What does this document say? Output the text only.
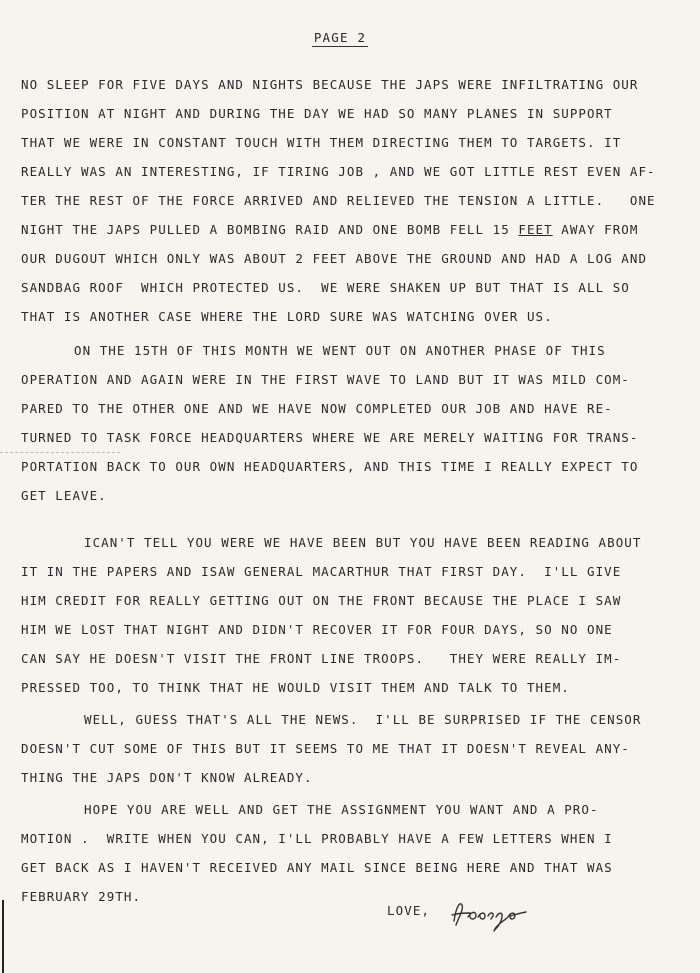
PAGE 2
NO SLEEP FOR FIVE DAYS AND NIGHTS BECAUSE THE JAPS WERE INFILTRATING OUR
POSITION AT NIGHT AND DURING THE DAY WE HAD SO MANY PLANES IN SUPPORT
THAT WE WERE IN CONSTANT TOUCH WITH THEM DIRECTING THEM TO TARGETS. IT
REALLY WAS AN INTERESTING, IF TIRING JOB , AND WE GOT LITTLE REST EVEN AF-
TER THE REST OF THE FORCE ARRIVED AND RELIEVED THE TENSION A LITTLE.   ONE
NIGHT THE JAPS PULLED A BOMBING RAID AND ONE BOMB FELL 15 FEET AWAY FROM
OUR DUGOUT WHICH ONLY WAS ABOUT 2 FEET ABOVE THE GROUND AND HAD A LOG AND
SANDBAG ROOF  WHICH PROTECTED US.  WE WERE SHAKEN UP BUT THAT IS ALL SO
THAT IS ANOTHER CASE WHERE THE LORD SURE WAS WATCHING OVER US.
ON THE 15TH OF THIS MONTH WE WENT OUT ON ANOTHER PHASE OF THIS
OPERATION AND AGAIN WERE IN THE FIRST WAVE TO LAND BUT IT WAS MILD COM-
PARED TO THE OTHER ONE AND WE HAVE NOW COMPLETED OUR JOB AND HAVE RE-
TURNED TO TASK FORCE HEADQUARTERS WHERE WE ARE MERELY WAITING FOR TRANS-
PORTATION BACK TO OUR OWN HEADQUARTERS, AND THIS TIME I REALLY EXPECT TO
GET LEAVE.
ICAN'T TELL YOU WERE WE HAVE BEEN BUT YOU HAVE BEEN READING ABOUT
IT IN THE PAPERS AND ISAW GENERAL MACARTHUR THAT FIRST DAY.  I'LL GIVE
HIM CREDIT FOR REALLY GETTING OUT ON THE FRONT BECAUSE THE PLACE I SAW
HIM WE LOST THAT NIGHT AND DIDN'T RECOVER IT FOR FOUR DAYS, SO NO ONE
CAN SAY HE DOESN'T VISIT THE FRONT LINE TROOPS.   THEY WERE REALLY IM-
PRESSED TOO, TO THINK THAT HE WOULD VISIT THEM AND TALK TO THEM.
WELL, GUESS THAT'S ALL THE NEWS.  I'LL BE SURPRISED IF THE CENSOR
DOESN'T CUT SOME OF THIS BUT IT SEEMS TO ME THAT IT DOESN'T REVEAL ANY-
THING THE JAPS DON'T KNOW ALREADY.
HOPE YOU ARE WELL AND GET THE ASSIGNMENT YOU WANT AND A PRO-
MOTION .  WRITE WHEN YOU CAN, I'LL PROBABLY HAVE A FEW LETTERS WHEN I
GET BACK AS I HAVEN'T RECEIVED ANY MAIL SINCE BEING HERE AND THAT WAS
FEBRUARY 29TH.
LOVE,
